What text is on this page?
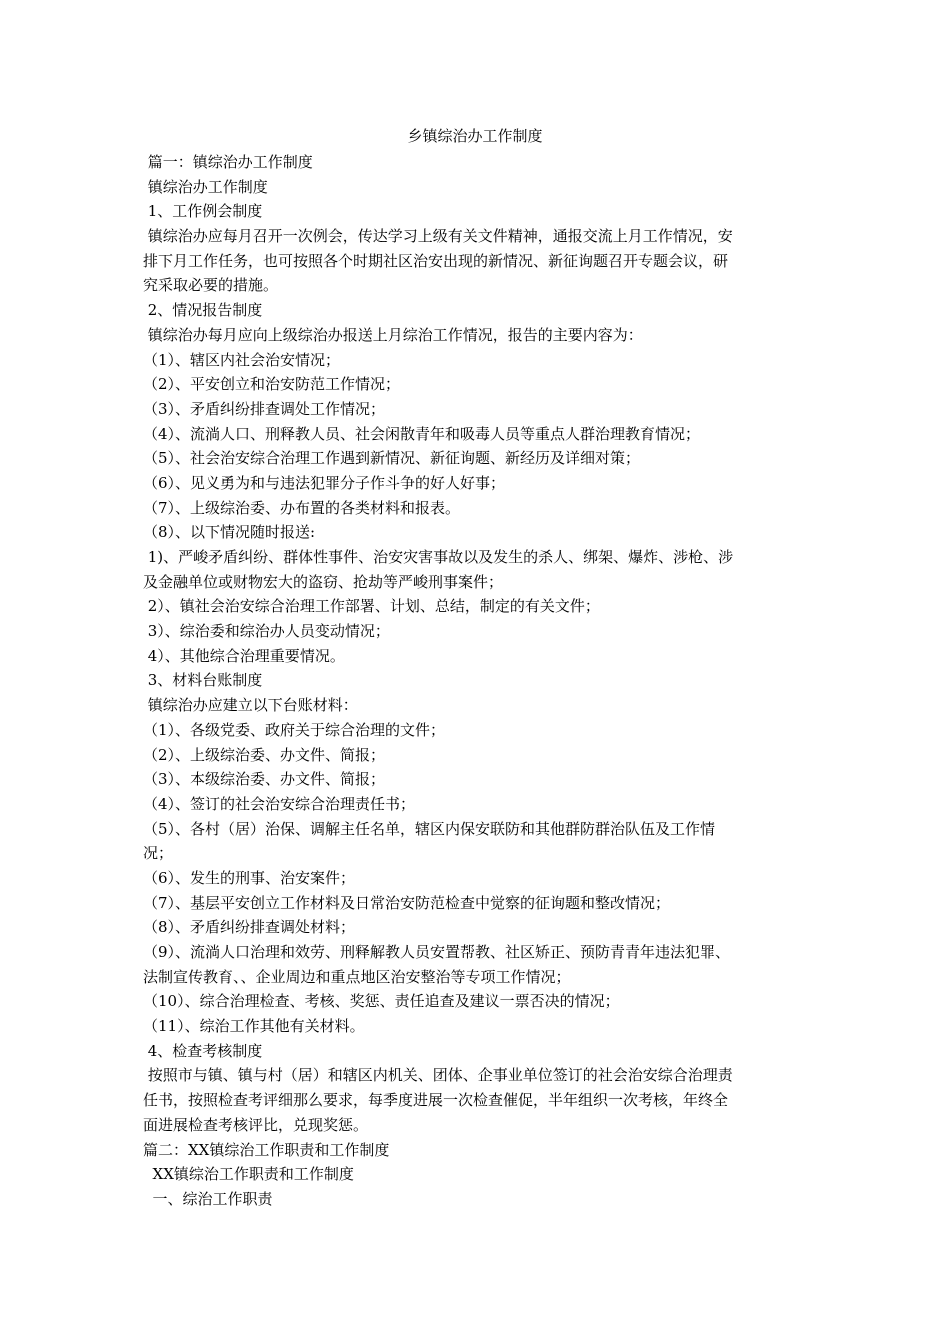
乡镇综治办工作制度
篇一：镇综治办工作制度
镇综治办工作制度
1、工作例会制度
镇综治办应每月召开一次例会，传达学习上级有关文件精神，通报交流上月工作情况，安
排下月工作任务，也可按照各个时期社区治安出现的新情况、新征询题召开专题会议，研
究采取必要的措施。
2、情况报告制度
镇综治办每月应向上级综治办报送上月综治工作情况，报告的主要内容为：
（1）、辖区内社会治安情况；
（2）、平安创立和治安防范工作情况；
（3）、矛盾纠纷排查调处工作情况；
（4）、流淌人口、刑释教人员、社会闲散青年和吸毒人员等重点人群治理教育情况；
（5）、社会治安综合治理工作遇到新情况、新征询题、新经历及详细对策；
（6）、见义勇为和与违法犯罪分子作斗争的好人好事；
（7）、上级综治委、办布置的各类材料和报表。
（8）、以下情况随时报送:
1)、严峻矛盾纠纷、群体性事件、治安灾害事故以及发生的杀人、绑架、爆炸、涉枪、涉
及金融单位或财物宏大的盗窃、抢劫等严峻刑事案件；
2）、镇社会治安综合治理工作部署、计划、总结，制定的有关文件；
3）、综治委和综治办人员变动情况；
4）、其他综合治理重要情况。
3、材料台账制度
镇综治办应建立以下台账材料：
（1）、各级党委、政府关于综合治理的文件；
（2）、上级综治委、办文件、简报；
（3）、本级综治委、办文件、简报；
（4）、签订的社会治安综合治理责任书；
（5）、各村（居）治保、调解主任名单，辖区内保安联防和其他群防群治队伍及工作情
况；
（6）、发生的刑事、治安案件；
（7）、基层平安创立工作材料及日常治安防范检查中觉察的征询题和整改情况；
（8）、矛盾纠纷排查调处材料；
（9）、流淌人口治理和效劳、刑释解教人员安置帮教、社区矫正、预防青青年违法犯罪、
法制宣传教育、、企业周边和重点地区治安整治等专项工作情况；
（10）、综合治理检查、考核、奖惩、责任追查及建议一票否决的情况；
（11）、综治工作其他有关材料。
4、检查考核制度
按照市与镇、镇与村（居）和辖区内机关、团体、企事业单位签订的社会治安综合治理责
任书，按照检查考评细那么要求，每季度进展一次检查催促，半年组织一次考核，年终全
面进展检查考核评比，兑现奖惩。
篇二：XX镇综治工作职责和工作制度
XX镇综治工作职责和工作制度
一、综治工作职责
